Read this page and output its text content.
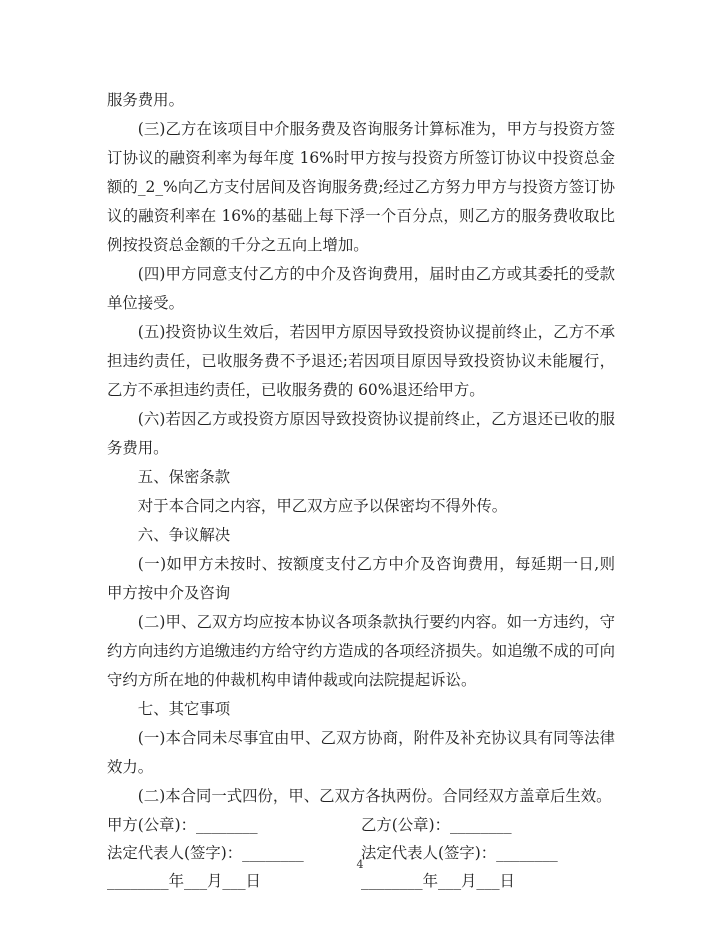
服务费用。

(三)乙方在该项目中介服务费及咨询服务计算标准为，甲方与投资方签订协议的融资利率为每年度 16%时甲方按与投资方所签订协议中投资总金额的_2_%向乙方支付居间及咨询服务费;经过乙方努力甲方与投资方签订协议的融资利率在 16%的基础上每下浮一个百分点，则乙方的服务费收取比例按投资总金额的千分之五向上增加。

(四)甲方同意支付乙方的中介及咨询费用，届时由乙方或其委托的受款单位接受。

(五)投资协议生效后，若因甲方原因导致投资协议提前终止，乙方不承担违约责任，已收服务费不予退还;若因项目原因导致投资协议未能履行，乙方不承担违约责任，已收服务费的 60%退还给甲方。

(六)若因乙方或投资方原因导致投资协议提前终止，乙方退还已收的服务费用。

五、保密条款

对于本合同之内容，甲乙双方应予以保密均不得外传。

六、争议解决

(一)如甲方未按时、按额度支付乙方中介及咨询费用，每延期一日,则甲方按中介及咨询

(二)甲、乙双方均应按本协议各项条款执行要约内容。如一方违约，守约方向违约方追缴违约方给守约方造成的各项经济损失。如追缴不成的可向守约方所在地的仲裁机构申请仲裁或向法院提起诉讼。

七、其它事项

(一)本合同未尽事宜由甲、乙双方协商，附件及补充协议具有同等法律效力。

(二)本合同一式四份，甲、乙双方各执两份。合同经双方盖章后生效。

甲方(公章)：________	乙方(公章)：________
法定代表人(签字)：________	法定代表人(签字)：________
________年___月___日	________年___月___日
4
